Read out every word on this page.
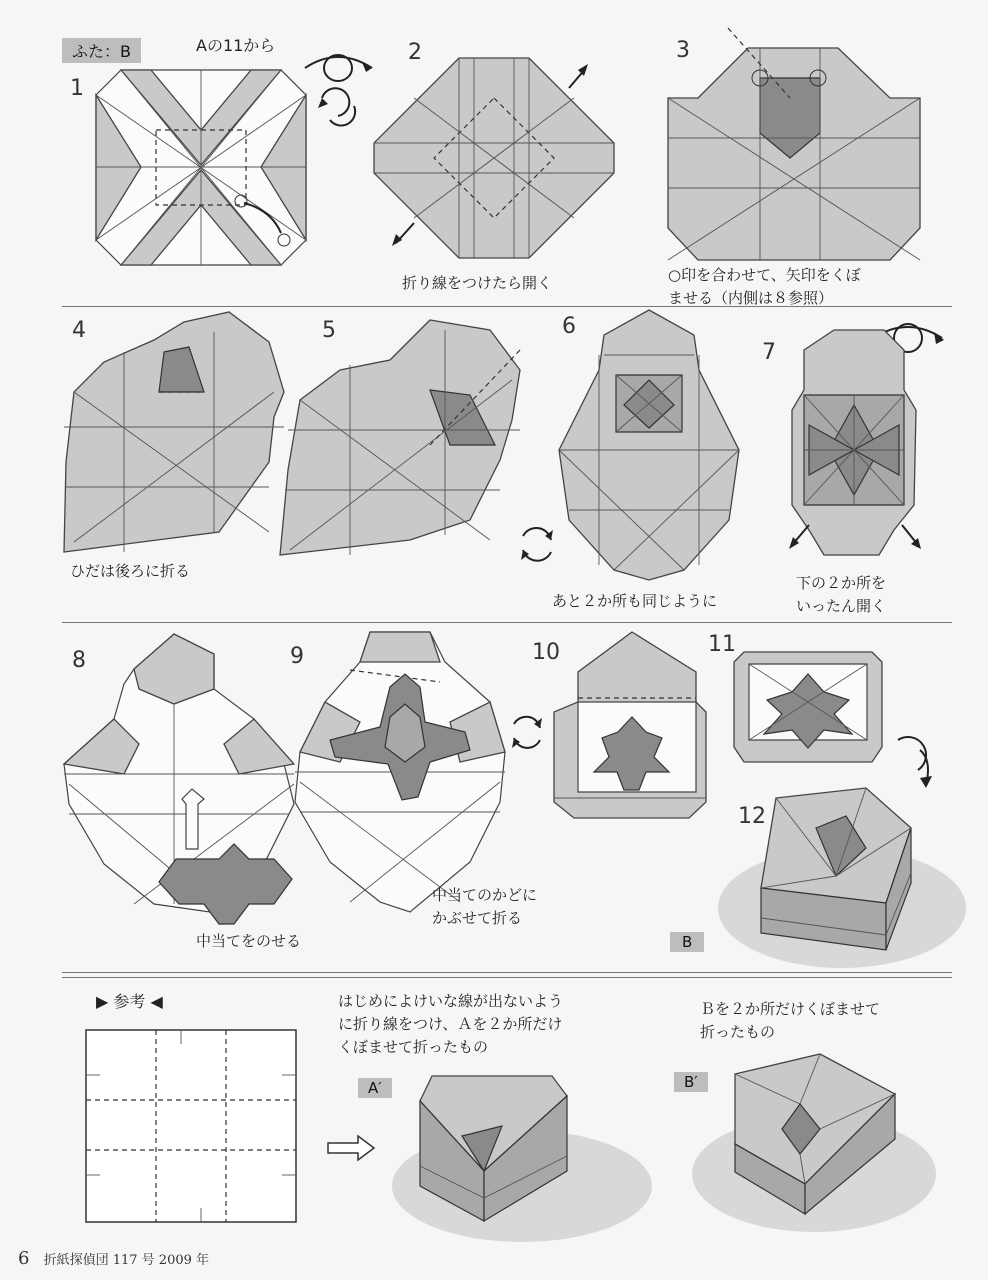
ふた：B	Aの11から
1
2
折り線をつけたら開く
3
○印を合わせて、矢印をくぼ
ませる（内側は８参照）
4
ひだは後ろに折る
5	6
あと２か所も同じように
7
下の２か所を
いったん開く
8
中当てをのせる
9
中当てのかどに
かぶせて折る
10	11
12
B
▶ 参考 ◀	はじめによけいな線が出ないよう
に折り線をつけ、Ａを２か所だけ
くぼませて折ったもの
A′
Ｂを２か所だけくぼませて
折ったもの
B′
6 折紙探偵団 117 号 2009 年
